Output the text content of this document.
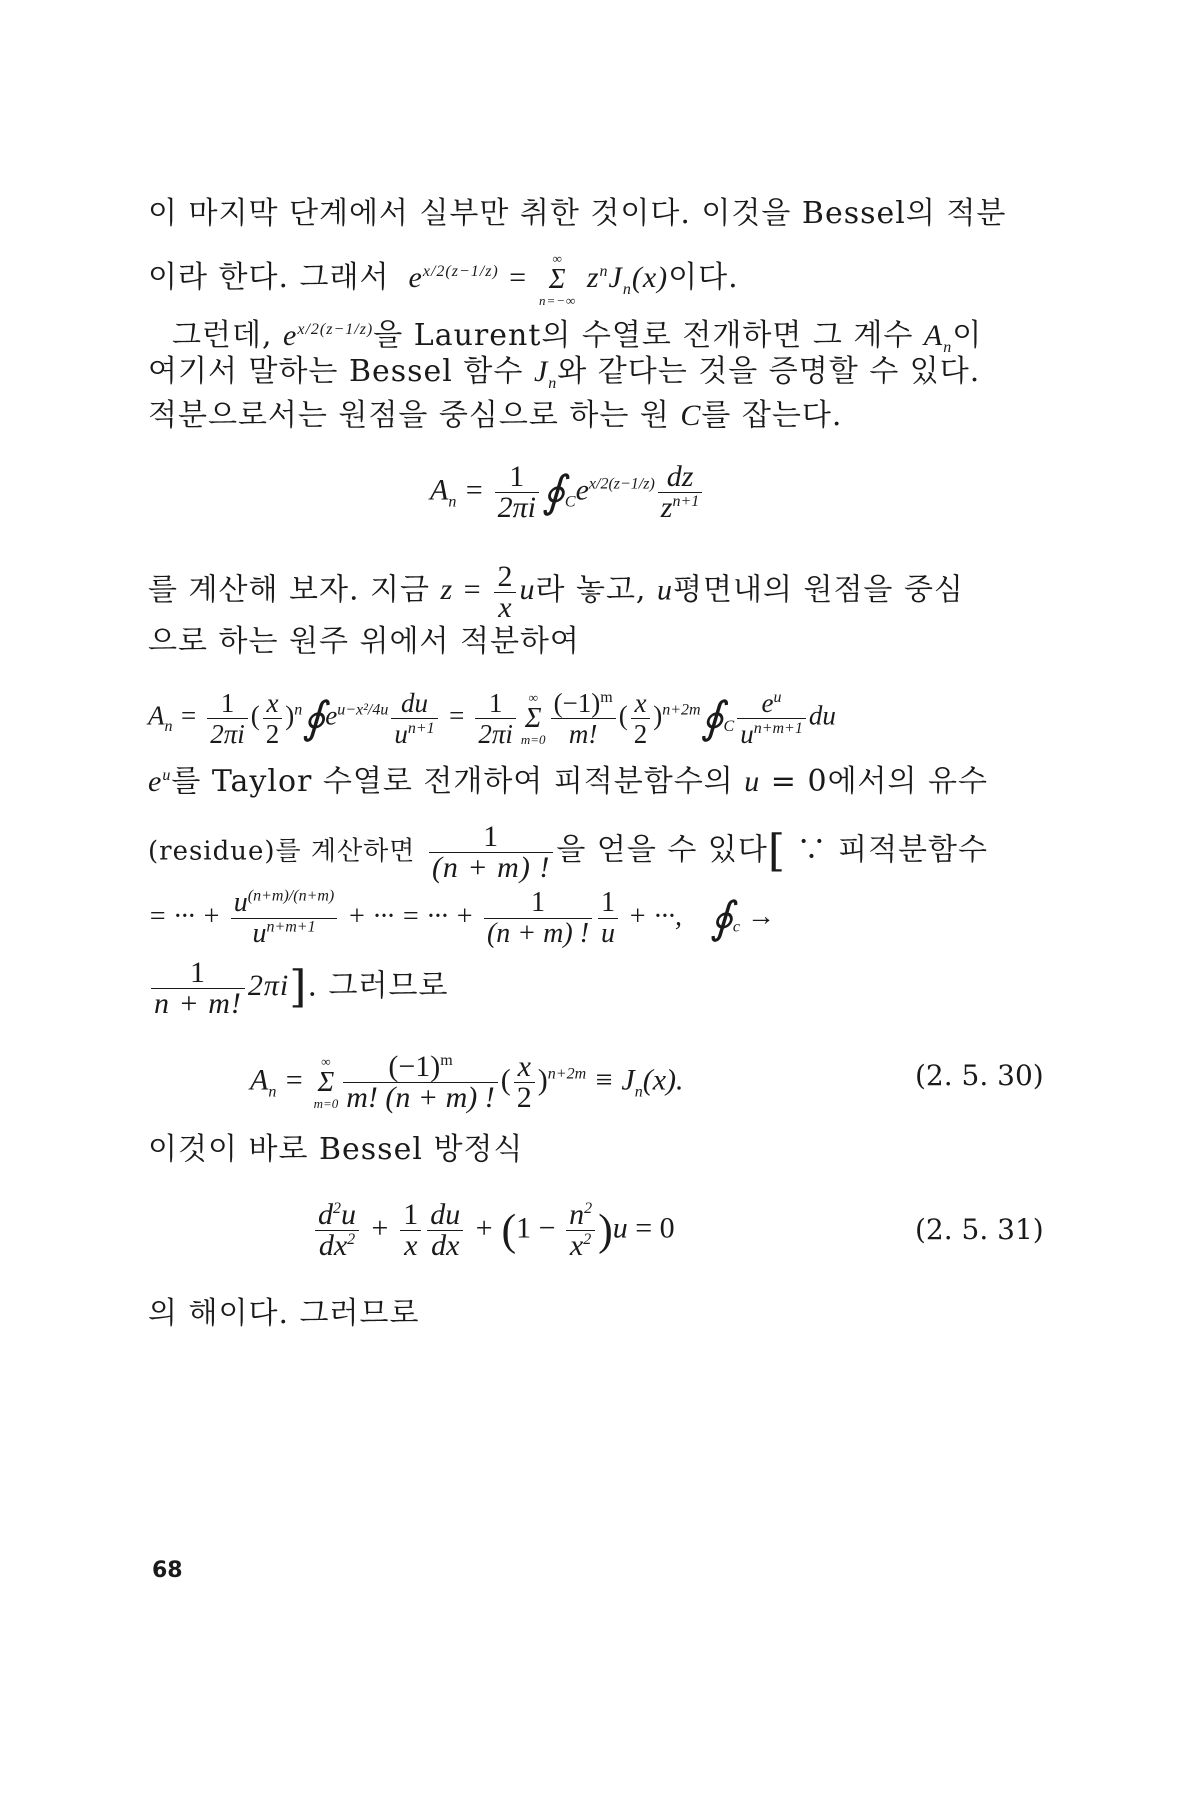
이 마지막 단계에서 실부만 취한 것이다. 이것을 Bessel의 적분
이라 한다. 그래서  $e^{x/2(z-1/z)}$ =
∞
Σ
n=−∞
$z^nJ_n(x)$이다.
그런데, $e^{x/2(z-1/z)}$을 Laurent의 수열로 전개하면 그 계수 $A_n$이
여기서 말하는 Bessel 함수 $J_n$와 같다는 것을 증명할 수 있다.
적분으로서는 원점을 중심으로 하는 원 C를 잡는다.
$A_n = \frac{1}{2\pi i}$ $∮_Ce^{x/2(z-1/z)} \frac{dz}{z^{n+1}}$
를 계산해 보자. 지금 $z = \frac{2}{x}$ u라 놓고, u평면내의 원점을 중심
으로 하는 원주 위에서 적분하여
$A_n = \frac{1}{2\pi i}$ ( $\frac{x}{2}$ )$^n∮e^{u-x^2/4u} \frac{du}{u^{n+1}} = \frac{1}{2\pi i}$ ∞
Σ
$m=0 \frac{(-1)^m}{m!}$ ( $\frac{x}{2}$ )$^{n+2m}∮_C \frac{e^u}{u^{n+m+1}}$ du
$e^u$를 Taylor 수열로 전개하여 피적분함수의 u = 0에서의 유수
(residue)를 계산하면 $\frac{1}{(n + m) !}$ 을 얻을 수 있다[ ∵ 피적분함수
= ··· + $\frac{u^{(n+m)/(n+m)}}{u^{n+m+1}}$ + ··· = ··· + $\frac{1}{(n + m) !} \frac{1}{u}$ + ···,    $∮_c$ →
$\frac{1}{n + m!} 2\pi i$]. 그러므로
$A_n$ =
∞
Σ
$m=0 \frac{(-1)^m}{m! (n + m) !}$ ( $\frac{x}{2} )^{n+2m} \equiv J_n(x)$.	(2. 5. 30)
이것이 바로 Bessel 방정식
$\frac{d^2u}{dx^2} + \frac{1}{x} \frac{du}{dx} + (1 - \frac{n^2}{x^2} )u = 0$	(2. 5. 31)
의 해이다. 그러므로
68
